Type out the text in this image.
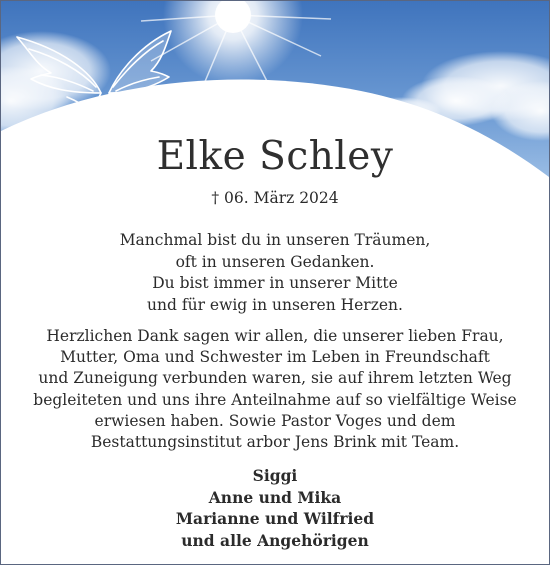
Elke Schley
† 06. März 2024
Manchmal bist du in unseren Träumen,
oft in unseren Gedanken.
Du bist immer in unserer Mitte
und für ewig in unseren Herzen.
Herzlichen Dank sagen wir allen, die unserer lieben Frau,
Mutter, Oma und Schwester im Leben in Freundschaft
und Zuneigung verbunden waren, sie auf ihrem letzten Weg
begleiteten und uns ihre Anteilnahme auf so vielfältige Weise
erwiesen haben. Sowie Pastor Voges und dem
Bestattungsinstitut arbor Jens Brink mit Team.
Siggi
Anne und Mika
Marianne und Wilfried
und alle Angehörigen
